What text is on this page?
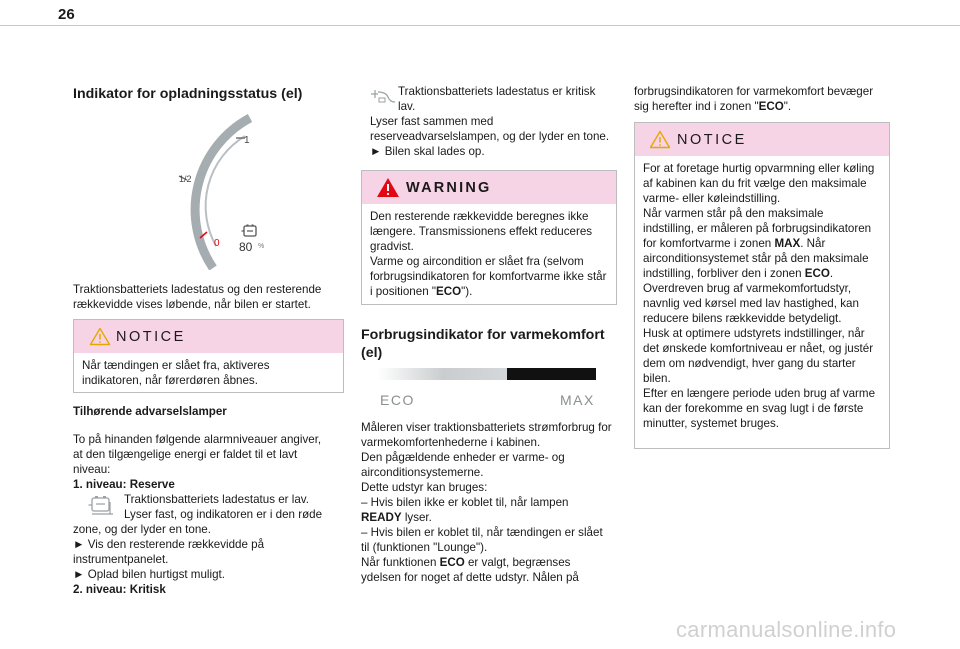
26
Indikator for opladningsstatus (el)
1
1/2
0 80 %
Traktionsbatteriets ladestatus og den resterende
rækkevidde vises løbende, når bilen er startet.
NOTICE
Når tændingen er slået fra, aktiveres
indikatoren, når førerdøren åbnes.
Tilhørende advarselslamper
To på hinanden følgende alarmniveauer angiver,
at den tilgængelige energi er faldet til et lavt
niveau:
1. niveau: Reserve
Traktionsbatteriets ladestatus er lav.
Lyser fast, og indikatoren er i den røde
zone, og der lyder en tone.
► Vis den resterende rækkevidde på
instrumentpanelet.
► Oplad bilen hurtigst muligt.
2. niveau: Kritisk
Traktionsbatteriets ladestatus er kritisk
lav.
Lyser fast sammen med
reserveadvarselslampen, og der lyder en tone.
► Bilen skal lades op.
WARNING
Den resterende rækkevidde beregnes ikke
længere. Transmissionens effekt reduceres
gradvist.
Varme og aircondition er slået fra (selvom
forbrugsindikatoren for komfortvarme ikke står
i positionen "ECO").
Forbrugsindikator for varmekomfort
(el)
ECO	MAX
Måleren viser traktionsbatteriets strømforbrug for
varmekomfortenhederne i kabinen.
Den pågældende enheder er varme- og
airconditionsystemerne.
Dette udstyr kan bruges:
– Hvis bilen ikke er koblet til, når lampen
READY lyser.
– Hvis bilen er koblet til, når tændingen er slået
til (funktionen "Lounge").
Når funktionen ECO er valgt, begrænses
ydelsen for noget af dette udstyr. Nålen på
forbrugsindikatoren for varmekomfort bevæger
sig herefter ind i zonen "ECO".
NOTICE
For at foretage hurtig opvarmning eller køling
af kabinen kan du frit vælge den maksimale
varme- eller køleindstilling.
Når varmen står på den maksimale
indstilling, er måleren på forbrugsindikatoren
for komfortvarme i zonen MAX. Når
airconditionsystemet står på den maksimale
indstilling, forbliver den i zonen ECO.
Overdreven brug af varmekomfortudstyr,
navnlig ved kørsel med lav hastighed, kan
reducere bilens rækkevidde betydeligt.
Husk at optimere udstyrets indstillinger, når
det ønskede komfortniveau er nået, og justér
dem om nødvendigt, hver gang du starter
bilen.
Efter en længere periode uden brug af varme
kan der forekomme en svag lugt i de første
minutter, systemet bruges.
carmanualsonline.info
